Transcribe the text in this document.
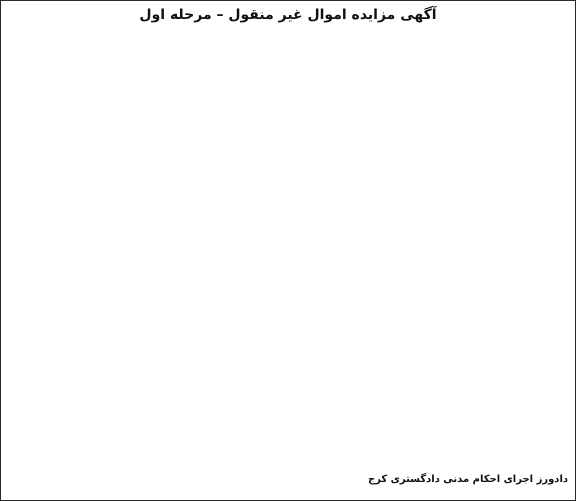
آگهی مزایده اموال غیر منقول – مرحله اول
دادورز اجرای احکام مدنی دادگستری کرج
